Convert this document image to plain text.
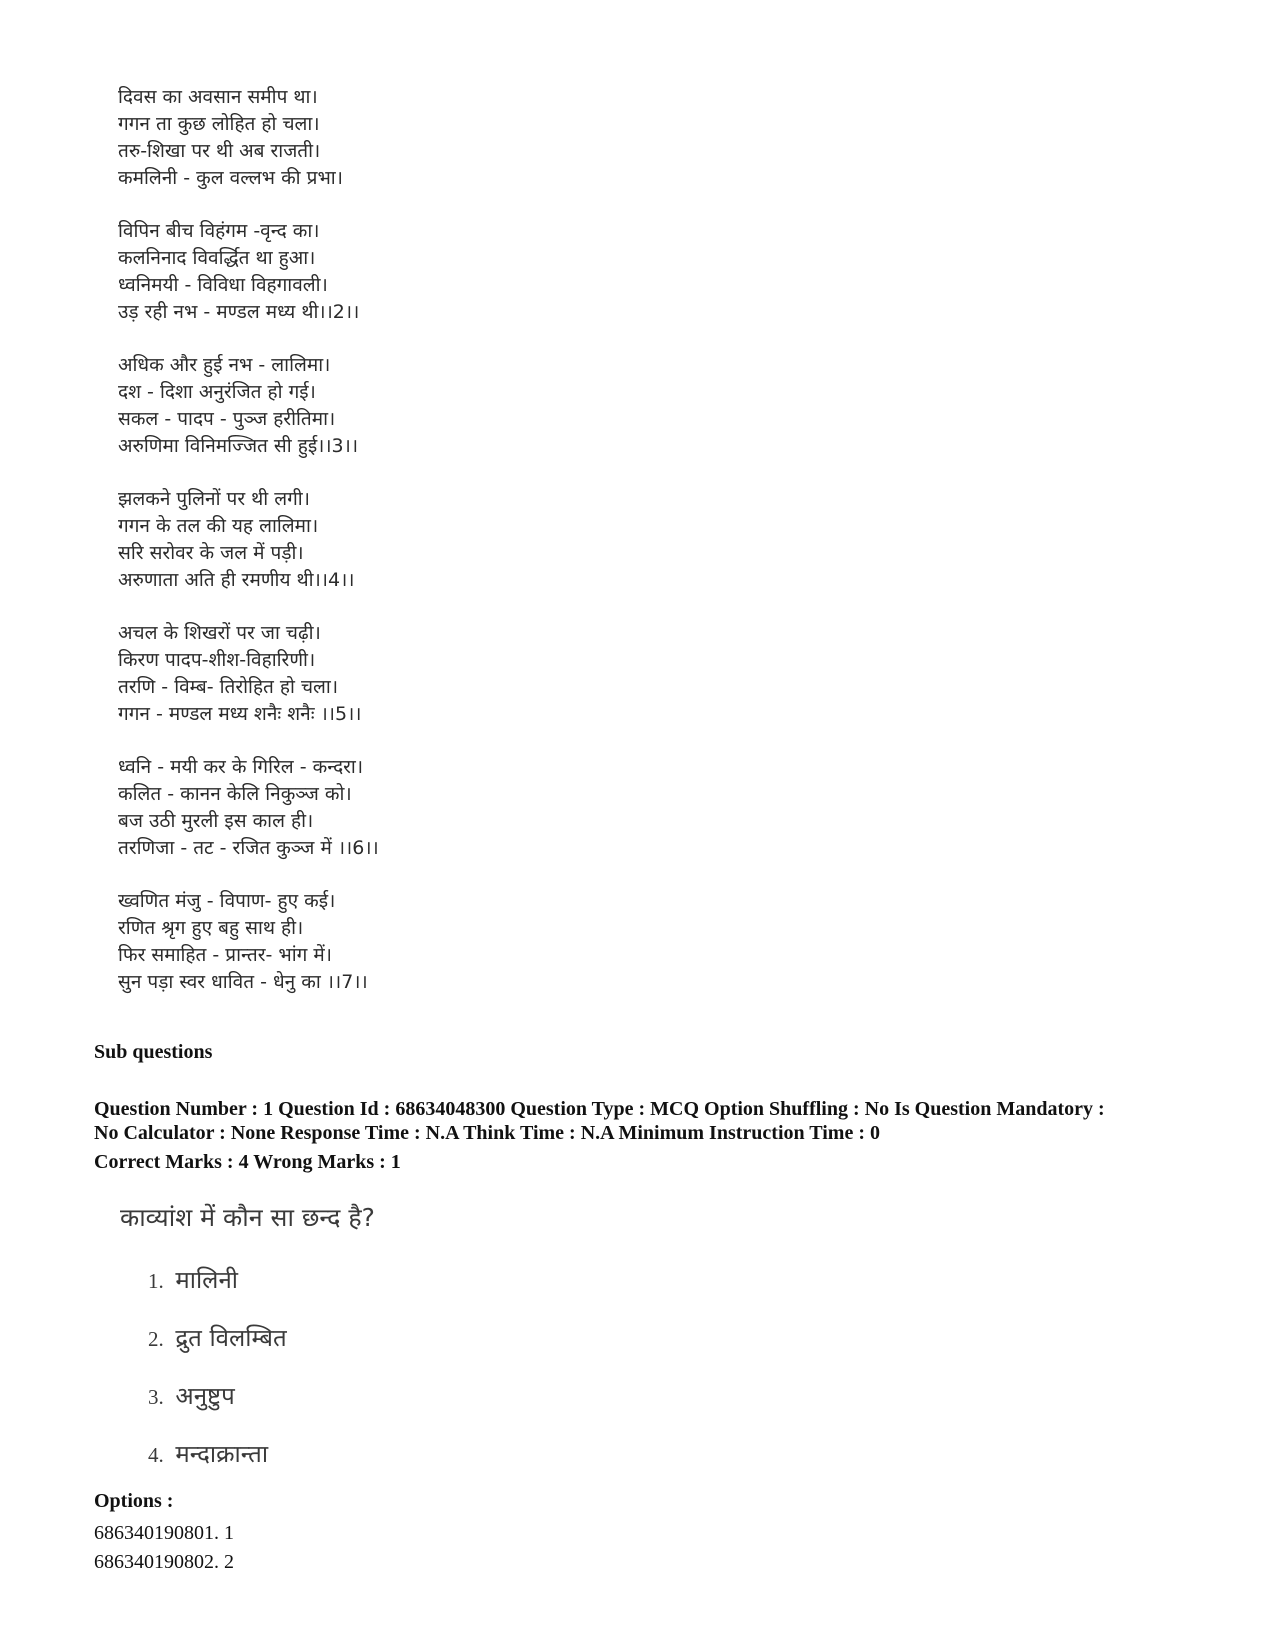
दिवस का अवसान समीप था।
गगन ता कुछ लोहित हो चला।
तरु-शिखा पर थी अब राजती।
कमलिनी - कुल वल्लभ की प्रभा।
विपिन बीच विहंगम -वृन्द का।
कलनिनाद विवर्द्धित था हुआ।
ध्वनिमयी - विविधा विहगावली।
उड़ रही नभ - मण्डल मध्य थी।।2।।
अधिक और हुई नभ - लालिमा।
दश - दिशा अनुरंजित हो गई।
सकल - पादप - पुञ्ज हरीतिमा।
अरुणिमा विनिमज्जित सी हुई।।3।।
झलकने पुलिनों पर थी लगी।
गगन के तल की यह लालिमा।
सरि सरोवर के जल में पड़ी।
अरुणाता अति ही रमणीय थी।।4।।
अचल के शिखरों पर जा चढ़ी।
किरण पादप-शीश-विहारिणी।
तरणि - विम्ब- तिरोहित हो चला।
गगन - मण्डल मध्य शनैः शनैः ।।5।।
ध्वनि - मयी कर के गिरिल - कन्दरा।
कलित - कानन केलि निकुञ्ज को।
बज उठी मुरली इस काल ही।
तरणिजा - तट - रजित कुञ्ज में ।।6।।
ख्वणित मंजु - विपाण- हुए कई।
रणित श्रृग हुए बहु साथ ही।
फिर समाहित - प्रान्तर- भांग में।
सुन पड़ा स्वर धावित - धेनु का ।।7।।
Sub questions
Question Number : 1 Question Id : 68634048300 Question Type : MCQ Option Shuffling : No Is Question Mandatory :
No Calculator : None Response Time : N.A Think Time : N.A Minimum Instruction Time : 0
Correct Marks : 4 Wrong Marks : 1
काव्यांश में कौन सा छन्द है?
1. मालिनी
2. द्रुत विलम्बित
3. अनुष्टुप
4. मन्दाक्रान्ता
Options :
686340190801. 1
686340190802. 2
